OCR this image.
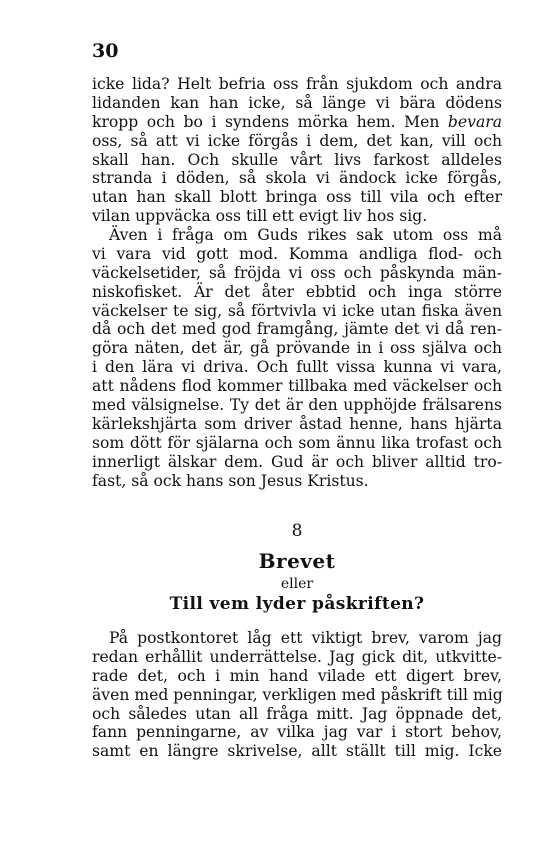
30
icke lida? Helt befria oss från sjukdom och andra
lidanden kan han icke, så länge vi bära dödens
kropp och bo i syndens mörka hem. Men bevara
oss, så att vi icke förgås i dem, det kan, vill och
skall han. Och skulle vårt livs farkost alldeles
stranda i döden, så skola vi ändock icke förgås,
utan han skall blott bringa oss till vila och efter
vilan uppväcka oss till ett evigt liv hos sig.
Även i fråga om Guds rikes sak utom oss må
vi vara vid gott mod. Komma andliga flod- och
väckelsetider, så fröjda vi oss och påskynda män-
niskofisket. Är det åter ebbtid och inga större
väckelser te sig, så förtvivla vi icke utan fiska även
då och det med god framgång, jämte det vi då ren-
göra näten, det är, gå prövande in i oss själva och
i den lära vi driva. Och fullt vissa kunna vi vara,
att nådens flod kommer tillbaka med väckelser och
med välsignelse. Ty det är den upphöjde frälsarens
kärlekshjärta som driver åstad henne, hans hjärta
som dött för själarna och som ännu lika trofast och
innerligt älskar dem. Gud är och bliver alltid tro-
fast, så ock hans son Jesus Kristus.
8
Brevet
eller
Till vem lyder påskriften?
På postkontoret låg ett viktigt brev, varom jag
redan erhållit underrättelse. Jag gick dit, utkvitte-
rade det, och i min hand vilade ett digert brev,
även med penningar, verkligen med påskrift till mig
och således utan all fråga mitt. Jag öppnade det,
fann penningarne, av vilka jag var i stort behov,
samt en längre skrivelse, allt ställt till mig. Icke
